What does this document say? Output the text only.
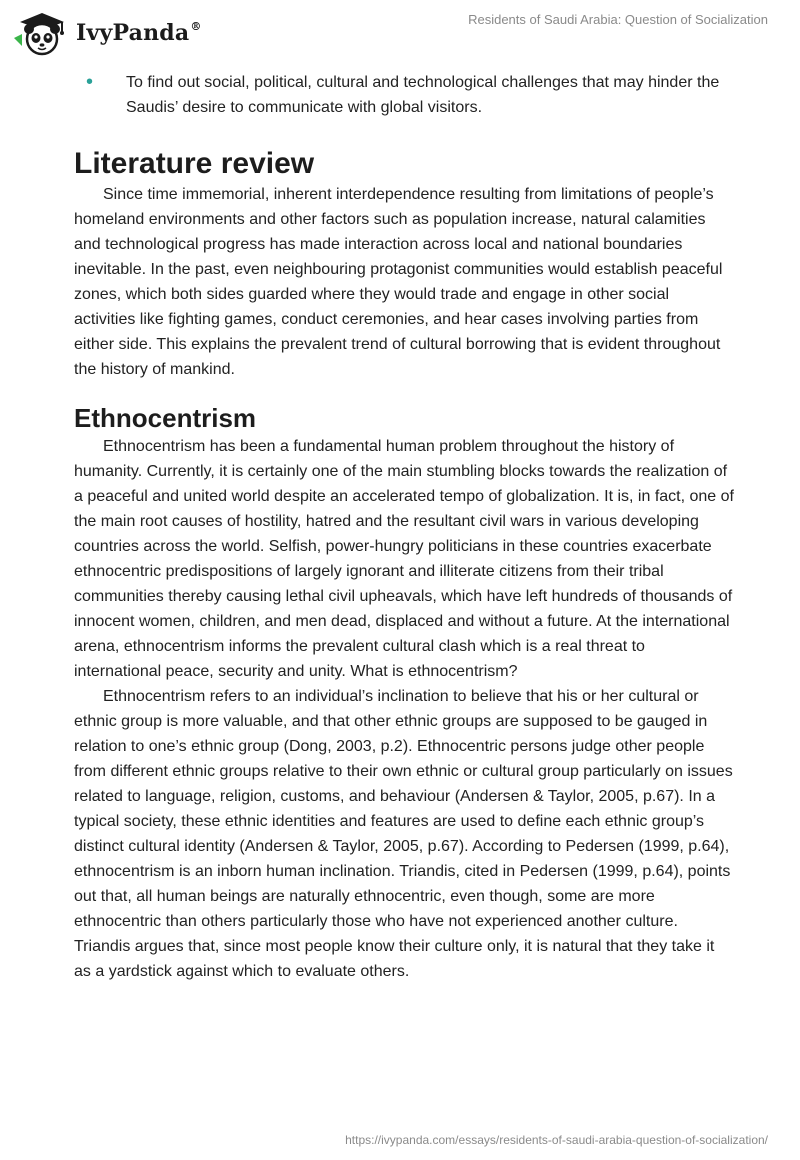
IvyPanda®	Residents of Saudi Arabia: Question of Socialization
• To find out social, political, cultural and technological challenges that may hinder the Saudis’ desire to communicate with global visitors.
Literature review

Since time immemorial, inherent interdependence resulting from limitations of people’s homeland environments and other factors such as population increase, natural calamities and technological progress has made interaction across local and national boundaries inevitable. In the past, even neighbouring protagonist communities would establish peaceful zones, which both sides guarded where they would trade and engage in other social activities like fighting games, conduct ceremonies, and hear cases involving parties from either side. This explains the prevalent trend of cultural borrowing that is evident throughout the history of mankind.

Ethnocentrism

Ethnocentrism has been a fundamental human problem throughout the history of humanity. Currently, it is certainly one of the main stumbling blocks towards the realization of a peaceful and united world despite an accelerated tempo of globalization. It is, in fact, one of the main root causes of hostility, hatred and the resultant civil wars in various developing countries across the world. Selfish, power-hungry politicians in these countries exacerbate ethnocentric predispositions of largely ignorant and illiterate citizens from their tribal communities thereby causing lethal civil upheavals, which have left hundreds of thousands of innocent women, children, and men dead, displaced and without a future. At the international arena, ethnocentrism informs the prevalent cultural clash which is a real threat to international peace, security and unity. What is ethnocentrism?

Ethnocentrism refers to an individual’s inclination to believe that his or her cultural or ethnic group is more valuable, and that other ethnic groups are supposed to be gauged in relation to one’s ethnic group (Dong, 2003, p.2). Ethnocentric persons judge other people from different ethnic groups relative to their own ethnic or cultural group particularly on issues related to language, religion, customs, and behaviour (Andersen & Taylor, 2005, p.67). In a typical society, these ethnic identities and features are used to define each ethnic group’s distinct cultural identity (Andersen & Taylor, 2005, p.67). According to Pedersen (1999, p.64), ethnocentrism is an inborn human inclination. Triandis, cited in Pedersen (1999, p.64), points out that, all human beings are naturally ethnocentric, even though, some are more ethnocentric than others particularly those who have not experienced another culture. Triandis argues that, since most people know their culture only, it is natural that they take it as a yardstick against which to evaluate others.

https://ivypanda.com/essays/residents-of-saudi-arabia-question-of-socialization/
